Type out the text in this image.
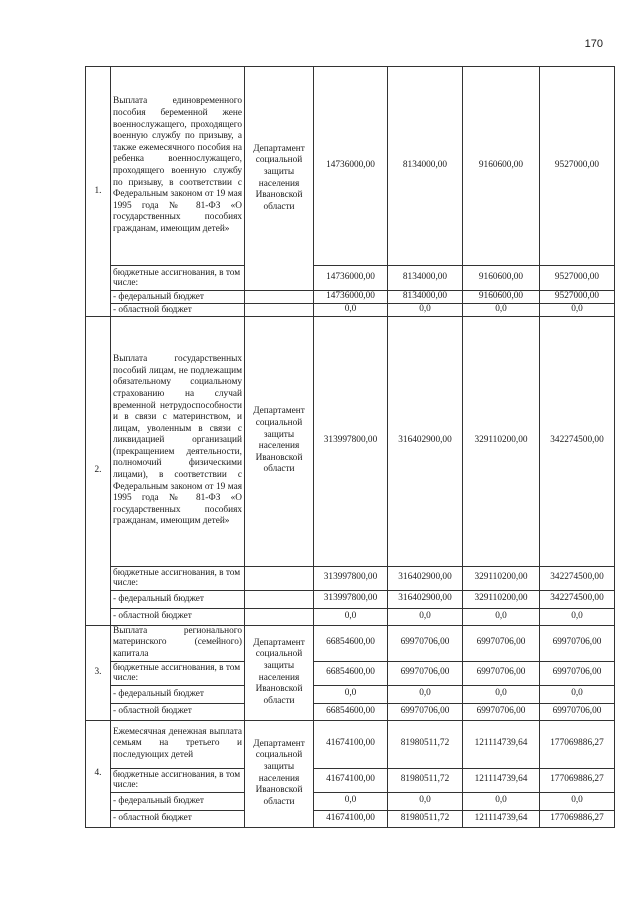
170
1.	Выплата единовременного пособия беременной жене военнослужащего, проходящего военную службу по призыву, а также ежемесячного пособия на ребенка военнослужащего, проходящего военную службу по призыву, в соответствии с Федеральным законом от 19 мая 1995 года № 81-ФЗ «О государственных пособиях гражданам, имеющим детей»	Департамент социальной защиты населения Ивановской области	14736000,00	8134000,00	9160600,00	9527000,00
	бюджетные ассигнования, в том числе:		14736000,00	8134000,00	9160600,00	9527000,00
	- федеральный бюджет		14736000,00	8134000,00	9160600,00	9527000,00
	- областной бюджет		0,0	0,0	0,0	0,0
2.	Выплата государственных пособий лицам, не подлежащим обязательному социальному страхованию на случай временной нетрудоспособности и в связи с материнством, и лицам, уволенным в связи с ликвидацией организаций (прекращением деятельности, полномочий физическими лицами), в соответствии с Федеральным законом от 19 мая 1995 года № 81-ФЗ «О государственных пособиях гражданам, имеющим детей»	Департамент социальной защиты населения Ивановской области	313997800,00	316402900,00	329110200,00	342274500,00
	бюджетные ассигнования, в том числе:		313997800,00	316402900,00	329110200,00	342274500,00
	- федеральный бюджет		313997800,00	316402900,00	329110200,00	342274500,00
	- областной бюджет		0,0	0,0	0,0	0,0
3.	Выплата регионального материнского (семейного) капитала	Департамент социальной защиты населения Ивановской области	66854600,00	69970706,00	69970706,00	69970706,00
	бюджетные ассигнования, в том числе:		66854600,00	69970706,00	69970706,00	69970706,00
	- федеральный бюджет		0,0	0,0	0,0	0,0
	- областной бюджет		66854600,00	69970706,00	69970706,00	69970706,00
4.	Ежемесячная денежная выплата семьям на третьего и последующих детей	Департамент социальной защиты населения Ивановской области	41674100,00	81980511,72	121114739,64	177069886,27
	бюджетные ассигнования, в том числе:		41674100,00	81980511,72	121114739,64	177069886,27
	- федеральный бюджет		0,0	0,0	0,0	0,0
	- областной бюджет		41674100,00	81980511,72	121114739,64	177069886,27
